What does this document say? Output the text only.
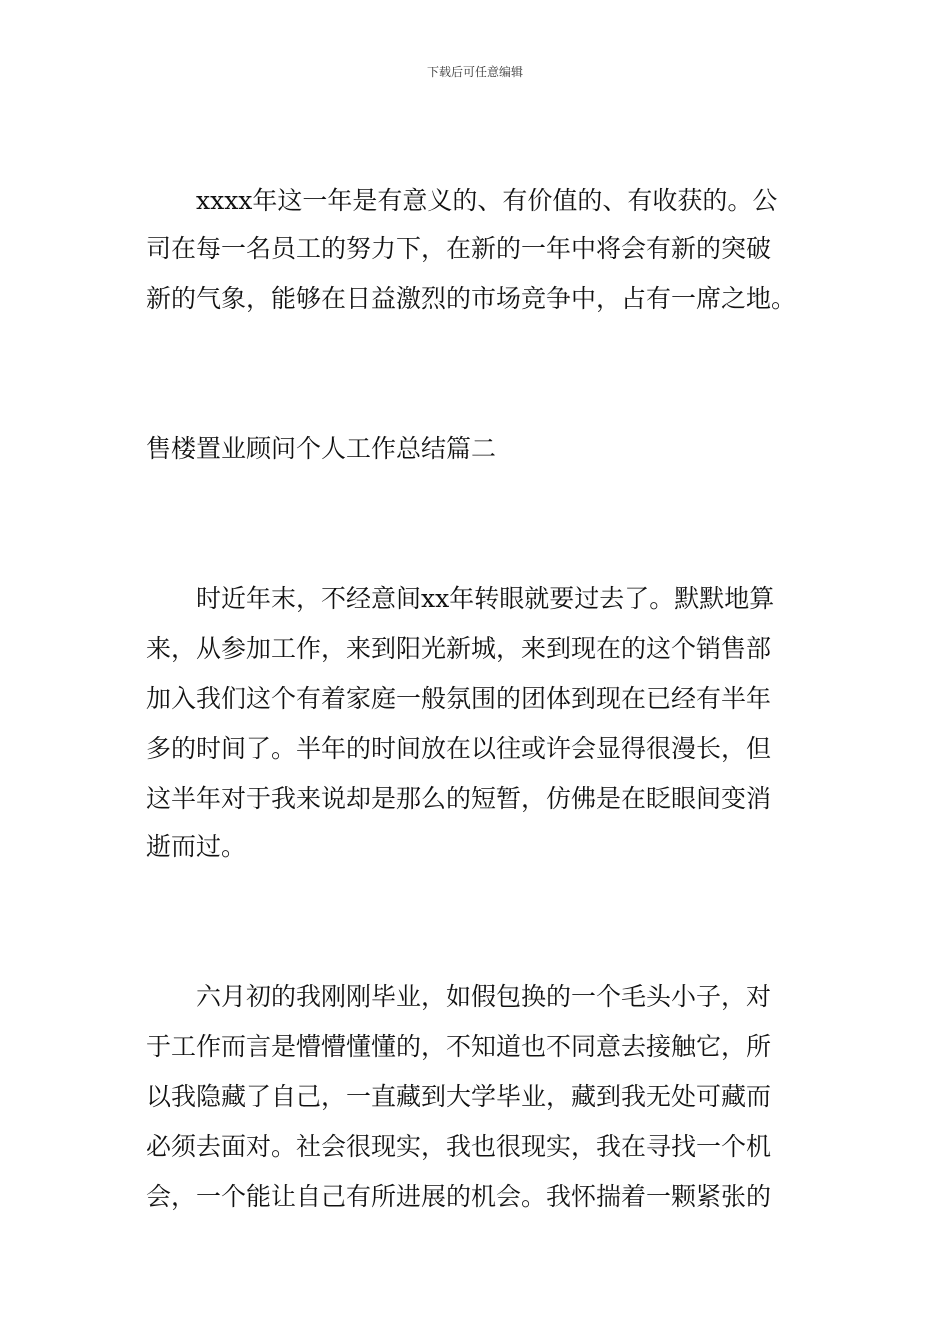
下载后可任意编辑
xxxx年这一年是有意义的、有价值的、有收获的。公
司在每一名员工的努力下，在新的一年中将会有新的突破
新的气象，能够在日益激烈的市场竞争中，占有一席之地。
售楼置业顾问个人工作总结篇二
时近年末，不经意间xx年转眼就要过去了。默默地算
来，从参加工作，来到阳光新城，来到现在的这个销售部
加入我们这个有着家庭一般氛围的团体到现在已经有半年
多的时间了。半年的时间放在以往或许会显得很漫长，但
这半年对于我来说却是那么的短暂，仿佛是在眨眼间变消
逝而过。
六月初的我刚刚毕业，如假包换的一个毛头小子，对
于工作而言是懵懵懂懂的，不知道也不同意去接触它，所
以我隐藏了自己，一直藏到大学毕业，藏到我无处可藏而
必须去面对。社会很现实，我也很现实，我在寻找一个机
会，一个能让自己有所进展的机会。我怀揣着一颗紧张的
